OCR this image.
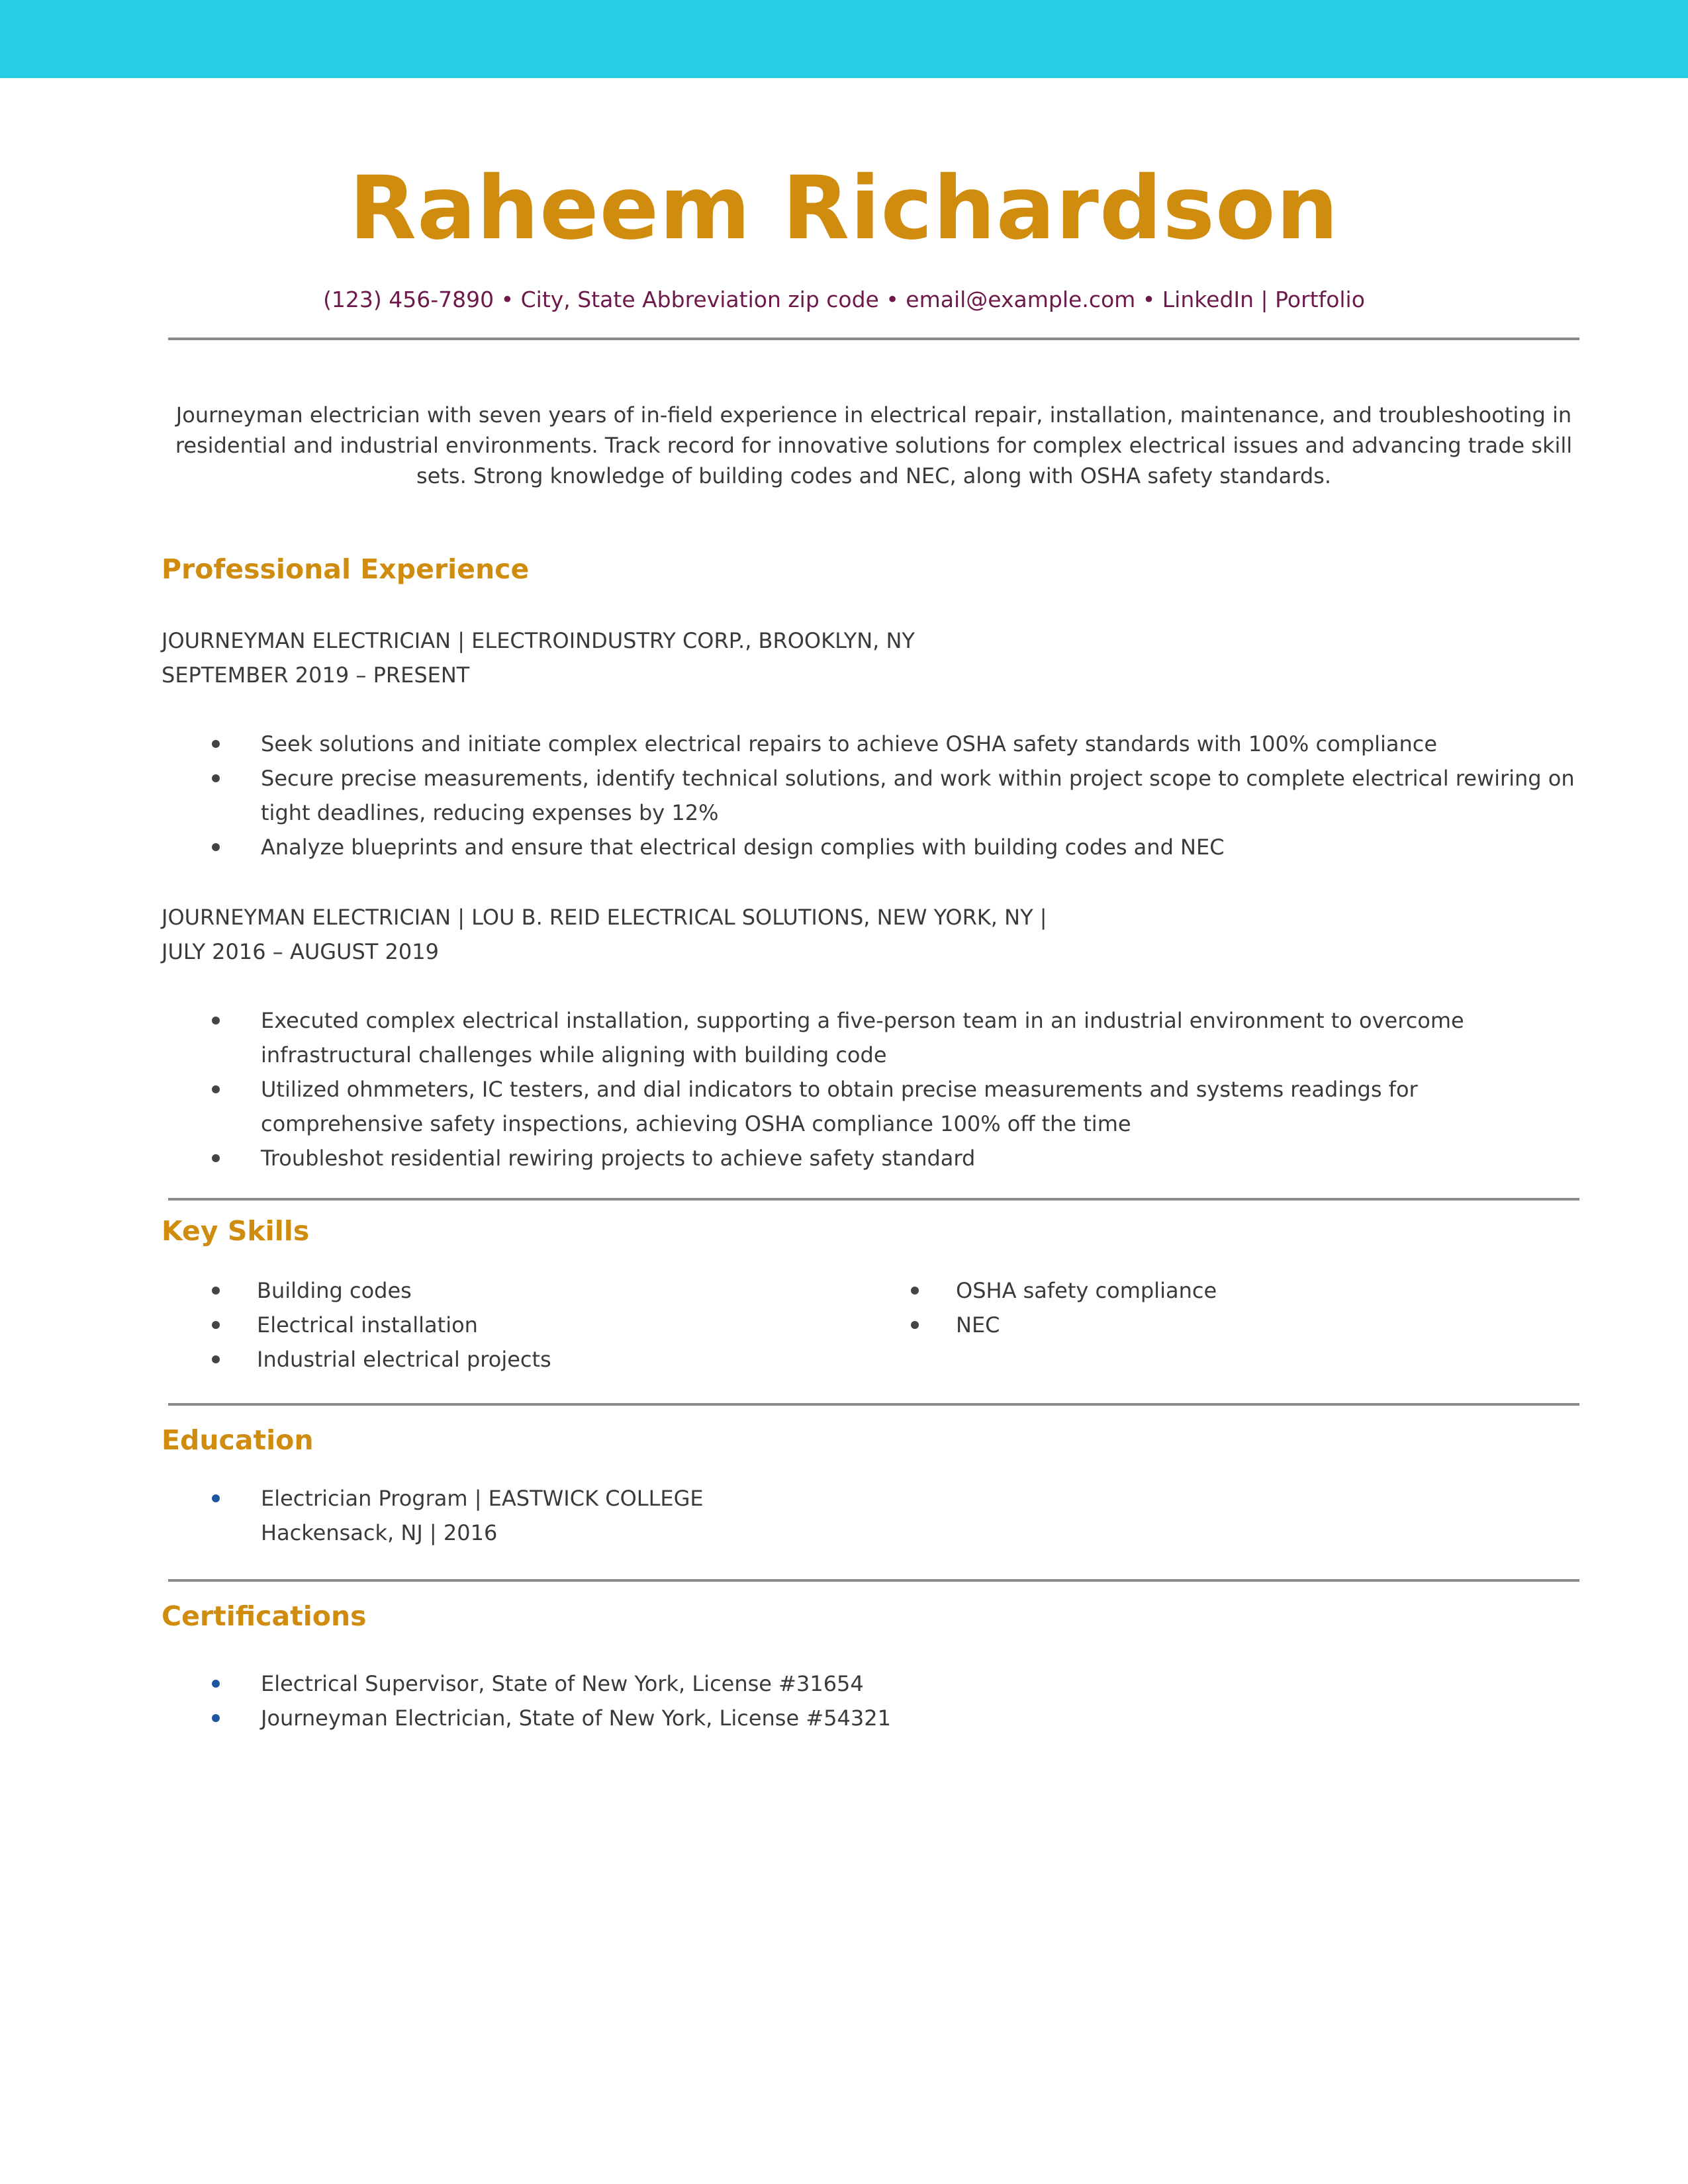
Raheem Richardson
(123) 456-7890 • City, State Abbreviation zip code • email@example.com • LinkedIn | Portfolio
Journeyman electrician with seven years of in-field experience in electrical repair, installation, maintenance, and troubleshooting in residential and industrial environments. Track record for innovative solutions for complex electrical issues and advancing trade skill sets. Strong knowledge of building codes and NEC, along with OSHA safety standards.
Professional Experience
JOURNEYMAN ELECTRICIAN | ELECTROINDUSTRY CORP., BROOKLYN, NY
SEPTEMBER 2019 – PRESENT
Seek solutions and initiate complex electrical repairs to achieve OSHA safety standards with 100% compliance
Secure precise measurements, identify technical solutions, and work within project scope to complete electrical rewiring on tight deadlines, reducing expenses by 12%
Analyze blueprints and ensure that electrical design complies with building codes and NEC
JOURNEYMAN ELECTRICIAN | LOU B. REID ELECTRICAL SOLUTIONS, NEW YORK, NY |
JULY 2016 – AUGUST 2019
Executed complex electrical installation, supporting a five-person team in an industrial environment to overcome infrastructural challenges while aligning with building code
Utilized ohmmeters, IC testers, and dial indicators to obtain precise measurements and systems readings for comprehensive safety inspections, achieving OSHA compliance 100% off the time
Troubleshot residential rewiring projects to achieve safety standard
Key Skills
Building codes
Electrical installation
Industrial electrical projects
OSHA safety compliance
NEC
Education
Electrician Program | EASTWICK COLLEGE
Hackensack, NJ | 2016
Certifications
Electrical Supervisor, State of New York, License #31654
Journeyman Electrician, State of New York, License #54321
